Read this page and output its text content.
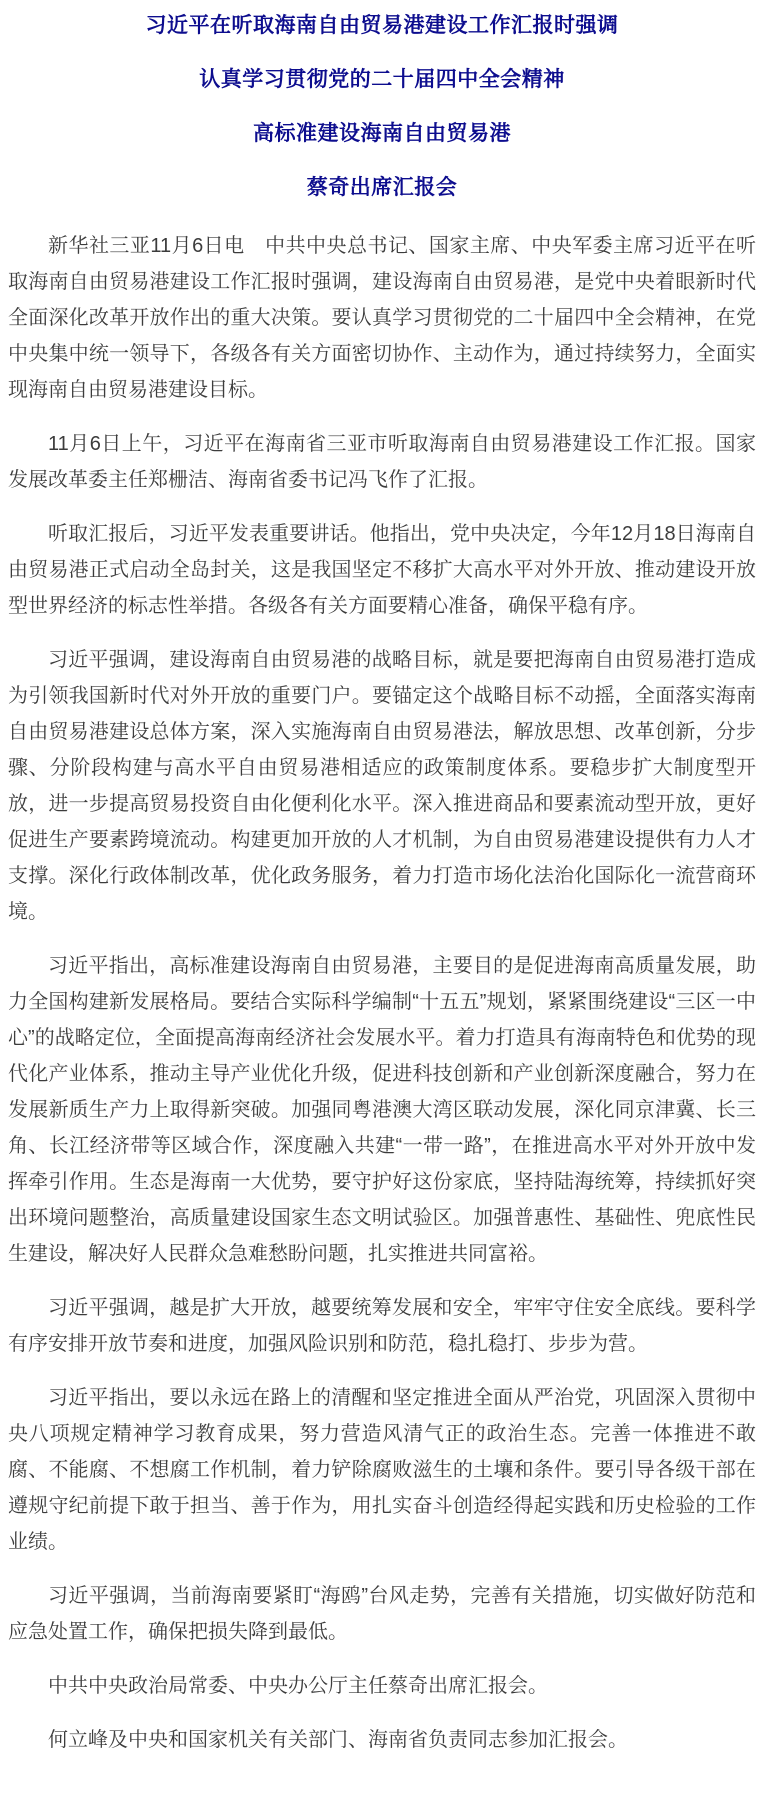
习近平在听取海南自由贸易港建设工作汇报时强调
认真学习贯彻党的二十届四中全会精神
高标准建设海南自由贸易港
蔡奇出席汇报会

新华社三亚11月6日电　中共中央总书记、国家主席、中央军委主席习近平在听取海南自由贸易港建设工作汇报时强调，建设海南自由贸易港，是党中央着眼新时代全面深化改革开放作出的重大决策。要认真学习贯彻党的二十届四中全会精神，在党中央集中统一领导下，各级各有关方面密切协作、主动作为，通过持续努力，全面实现海南自由贸易港建设目标。

11月6日上午，习近平在海南省三亚市听取海南自由贸易港建设工作汇报。国家发展改革委主任郑栅洁、海南省委书记冯飞作了汇报。

听取汇报后，习近平发表重要讲话。他指出，党中央决定，今年12月18日海南自由贸易港正式启动全岛封关，这是我国坚定不移扩大高水平对外开放、推动建设开放型世界经济的标志性举措。各级各有关方面要精心准备，确保平稳有序。

习近平强调，建设海南自由贸易港的战略目标，就是要把海南自由贸易港打造成为引领我国新时代对外开放的重要门户。要锚定这个战略目标不动摇，全面落实海南自由贸易港建设总体方案，深入实施海南自由贸易港法，解放思想、改革创新，分步骤、分阶段构建与高水平自由贸易港相适应的政策制度体系。要稳步扩大制度型开放，进一步提高贸易投资自由化便利化水平。深入推进商品和要素流动型开放，更好促进生产要素跨境流动。构建更加开放的人才机制，为自由贸易港建设提供有力人才支撑。深化行政体制改革，优化政务服务，着力打造市场化法治化国际化一流营商环境。

习近平指出，高标准建设海南自由贸易港，主要目的是促进海南高质量发展，助力全国构建新发展格局。要结合实际科学编制“十五五”规划，紧紧围绕建设“三区一中心”的战略定位，全面提高海南经济社会发展水平。着力打造具有海南特色和优势的现代化产业体系，推动主导产业优化升级，促进科技创新和产业创新深度融合，努力在发展新质生产力上取得新突破。加强同粤港澳大湾区联动发展，深化同京津冀、长三角、长江经济带等区域合作，深度融入共建“一带一路”，在推进高水平对外开放中发挥牵引作用。生态是海南一大优势，要守护好这份家底，坚持陆海统筹，持续抓好突出环境问题整治，高质量建设国家生态文明试验区。加强普惠性、基础性、兜底性民生建设，解决好人民群众急难愁盼问题，扎实推进共同富裕。

习近平强调，越是扩大开放，越要统筹发展和安全，牢牢守住安全底线。要科学有序安排开放节奏和进度，加强风险识别和防范，稳扎稳打、步步为营。

习近平指出，要以永远在路上的清醒和坚定推进全面从严治党，巩固深入贯彻中央八项规定精神学习教育成果，努力营造风清气正的政治生态。完善一体推进不敢腐、不能腐、不想腐工作机制，着力铲除腐败滋生的土壤和条件。要引导各级干部在遵规守纪前提下敢于担当、善于作为，用扎实奋斗创造经得起实践和历史检验的工作业绩。

习近平强调，当前海南要紧盯“海鸥”台风走势，完善有关措施，切实做好防范和应急处置工作，确保把损失降到最低。

中共中央政治局常委、中央办公厅主任蔡奇出席汇报会。

何立峰及中央和国家机关有关部门、海南省负责同志参加汇报会。
